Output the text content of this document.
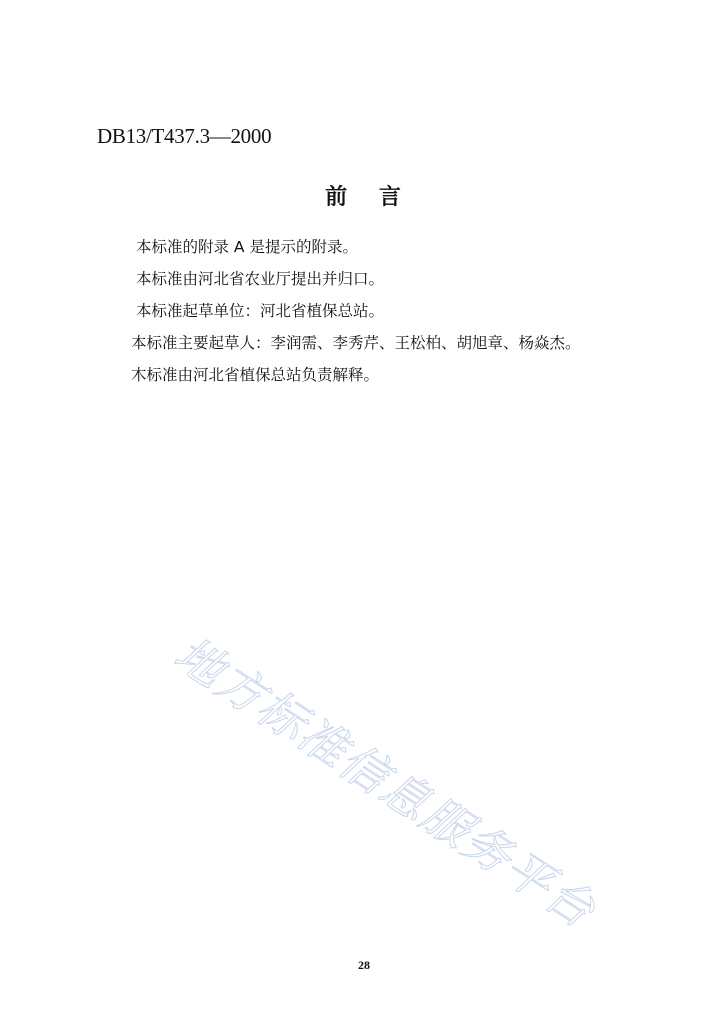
DB13/T437.3—2000
前 言
本标准的附录 A 是提示的附录。
本标准由河北省农业厅提出并归口。
本标准起草单位：河北省植保总站。
本标准主要起草人：李润需、李秀芹、王松柏、胡旭章、杨焱杰。
木标准由河北省植保总站负责解释。
地方标准信息服务平台
28
